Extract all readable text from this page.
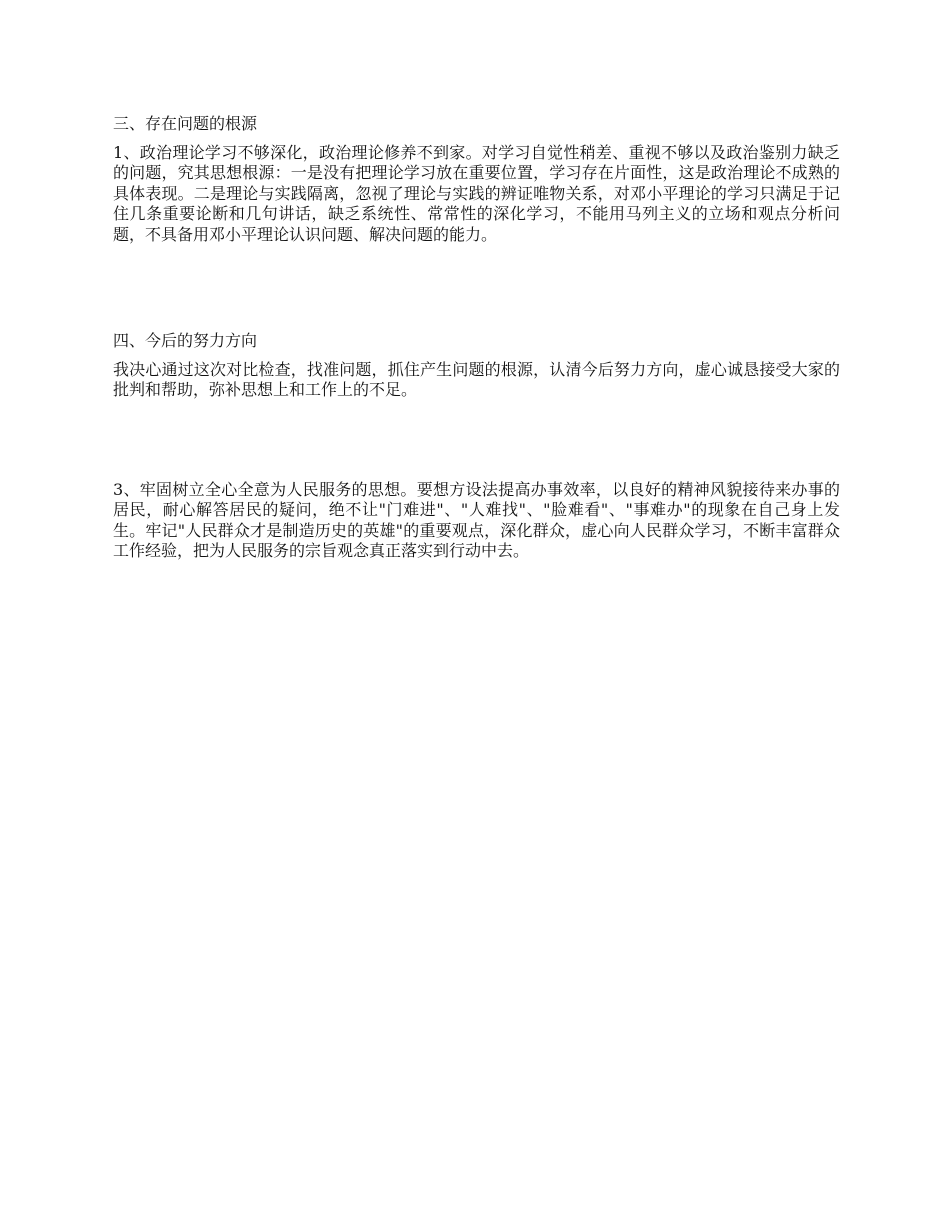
三、存在问题的根源

1、政治理论学习不够深化，政治理论修养不到家。对学习自觉性稍差、重视不够以及政治鉴别力缺乏的问题，究其思想根源：一是没有把理论学习放在重要位置，学习存在片面性，这是政治理论不成熟的具体表现。二是理论与实践隔离，忽视了理论与实践的辨证唯物关系，对邓小平理论的学习只满足于记住几条重要论断和几句讲话，缺乏系统性、常常性的深化学习，不能用马列主义的立场和观点分析问题，不具备用邓小平理论认识问题、解决问题的能力。

四、今后的努力方向

我决心通过这次对比检查，找准问题，抓住产生问题的根源，认清今后努力方向，虚心诚恳接受大家的批判和帮助，弥补思想上和工作上的不足。

3、牢固树立全心全意为人民服务的思想。要想方设法提高办事效率，以良好的精神风貌接待来办事的居民，耐心解答居民的疑问，绝不让"门难进"、"人难找"、"脸难看"、"事难办"的现象在自己身上发生。牢记"人民群众才是制造历史的英雄"的重要观点，深化群众，虚心向人民群众学习，不断丰富群众工作经验，把为人民服务的宗旨观念真正落实到行动中去。
